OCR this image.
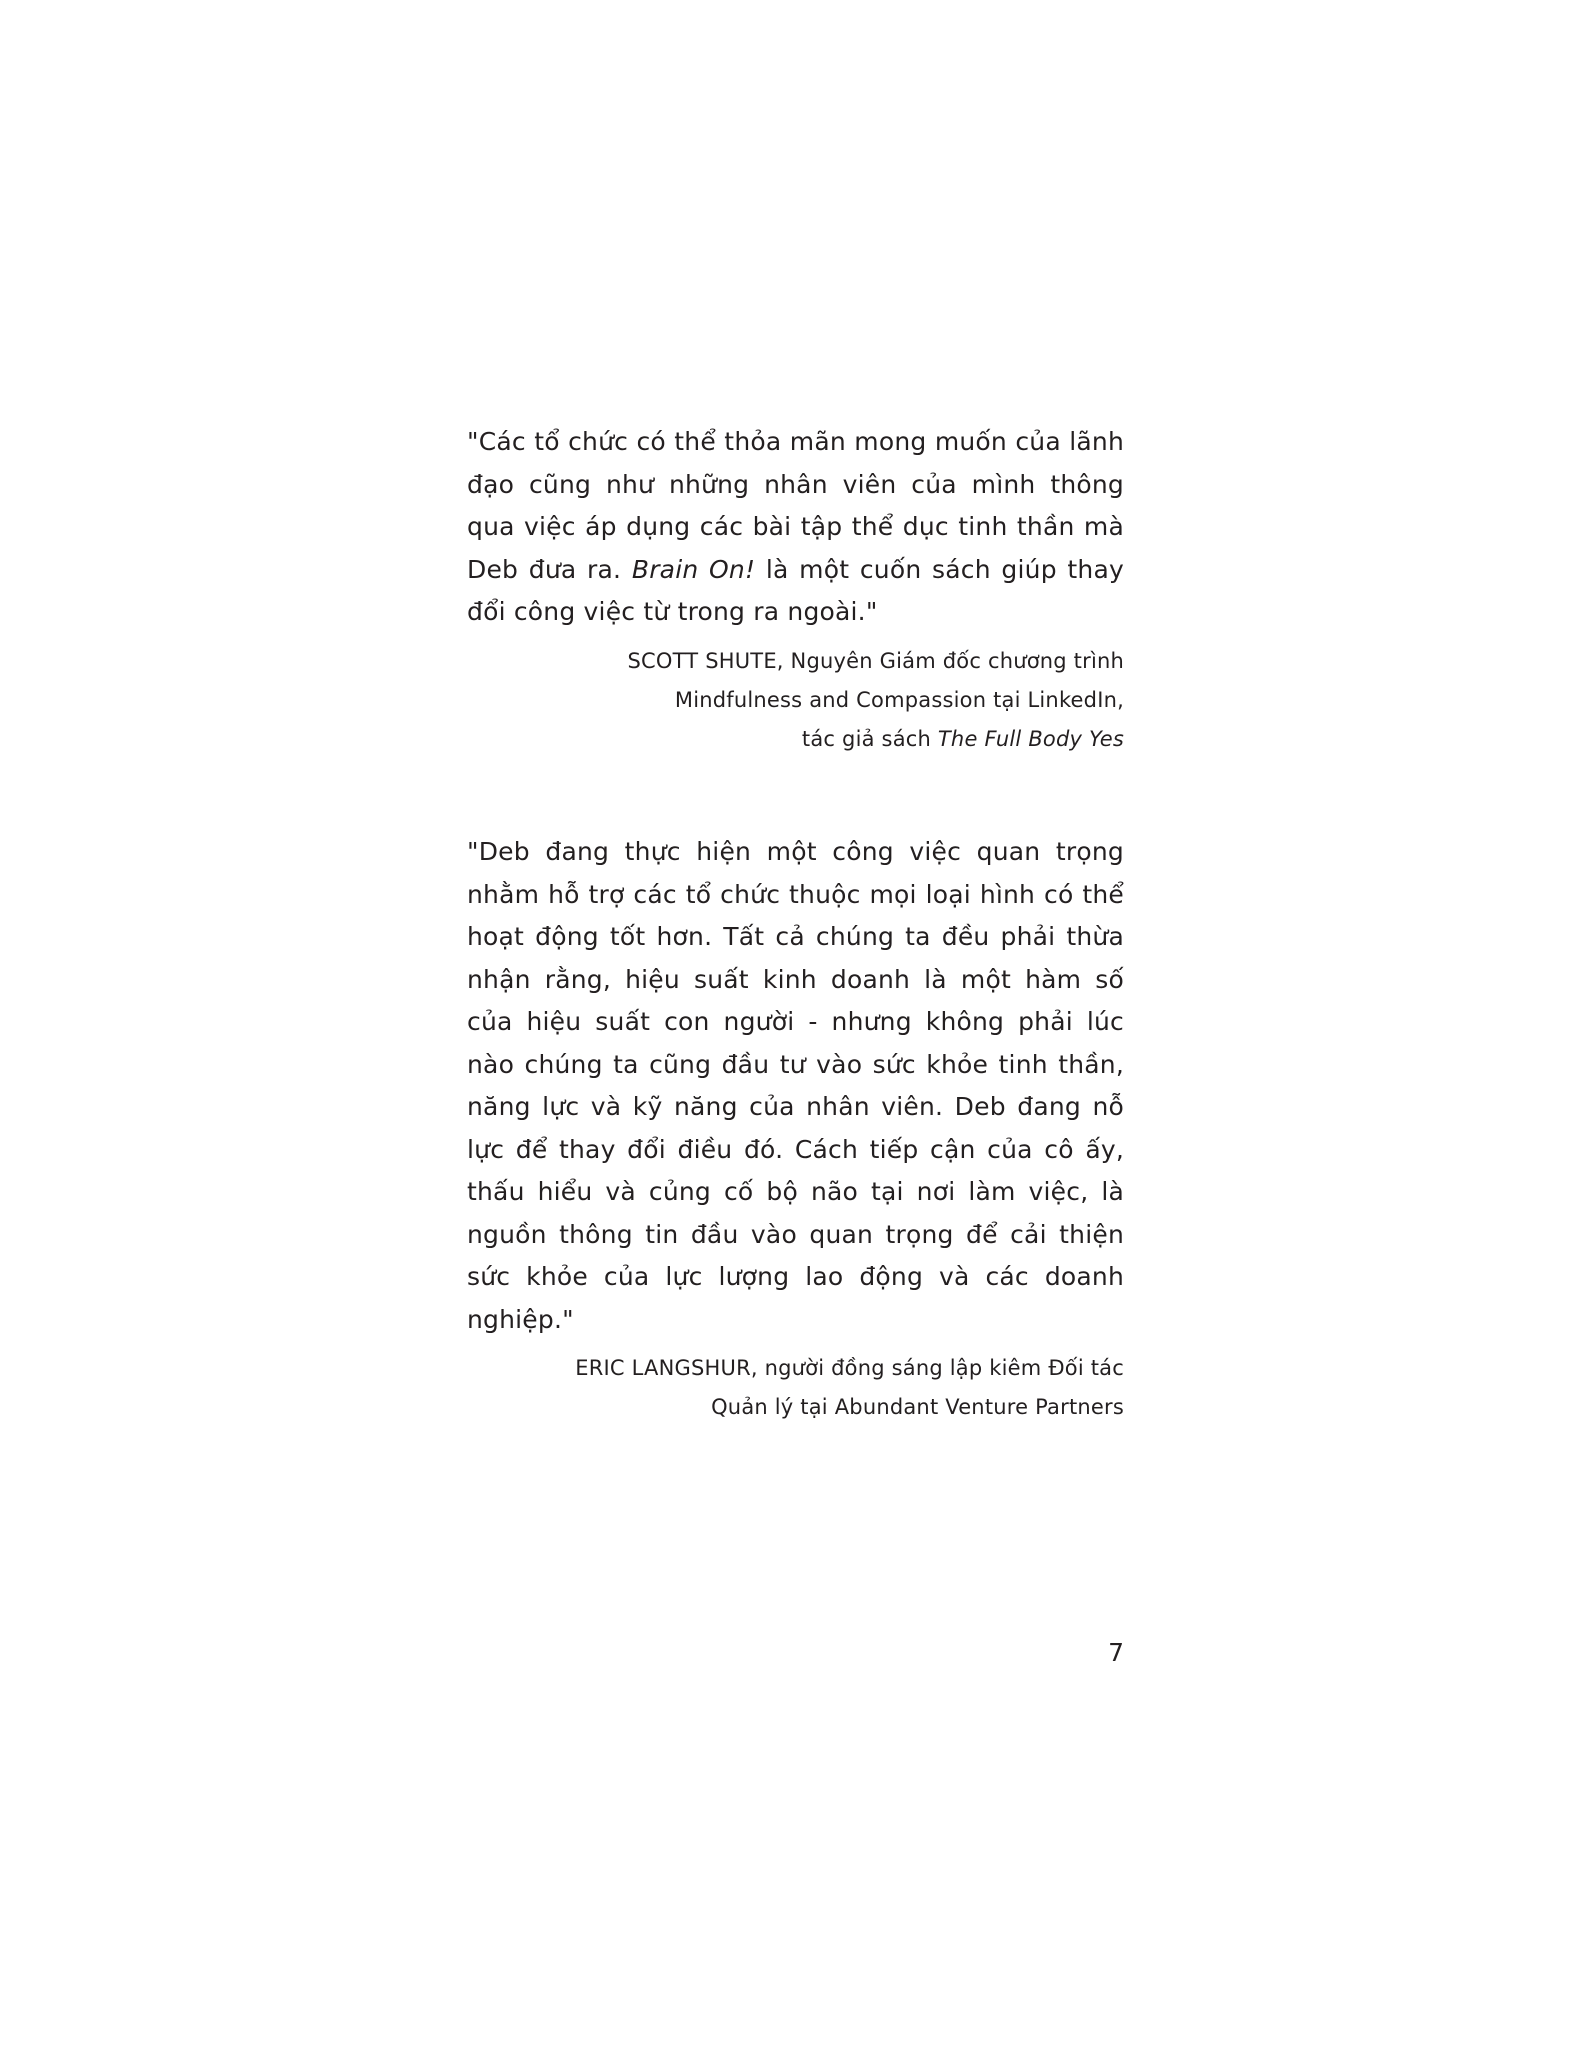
"Các tổ chức có thể thỏa mãn mong muốn của lãnh đạo cũng như những nhân viên của mình thông qua việc áp dụng các bài tập thể dục tinh thần mà Deb đưa ra. Brain On! là một cuốn sách giúp thay đổi công việc từ trong ra ngoài."

SCOTT SHUTE, Nguyên Giám đốc chương trình
Mindfulness and Compassion tại LinkedIn,
tác giả sách The Full Body Yes

"Deb đang thực hiện một công việc quan trọng nhằm hỗ trợ các tổ chức thuộc mọi loại hình có thể hoạt động tốt hơn. Tất cả chúng ta đều phải thừa nhận rằng, hiệu suất kinh doanh là một hàm số của hiệu suất con người - nhưng không phải lúc nào chúng ta cũng đầu tư vào sức khỏe tinh thần, năng lực và kỹ năng của nhân viên. Deb đang nỗ lực để thay đổi điều đó. Cách tiếp cận của cô ấy, thấu hiểu và củng cố bộ não tại nơi làm việc, là nguồn thông tin đầu vào quan trọng để cải thiện sức khỏe của lực lượng lao động và các doanh nghiệp."

ERIC LANGSHUR, người đồng sáng lập kiêm Đối tác
Quản lý tại Abundant Venture Partners

7
